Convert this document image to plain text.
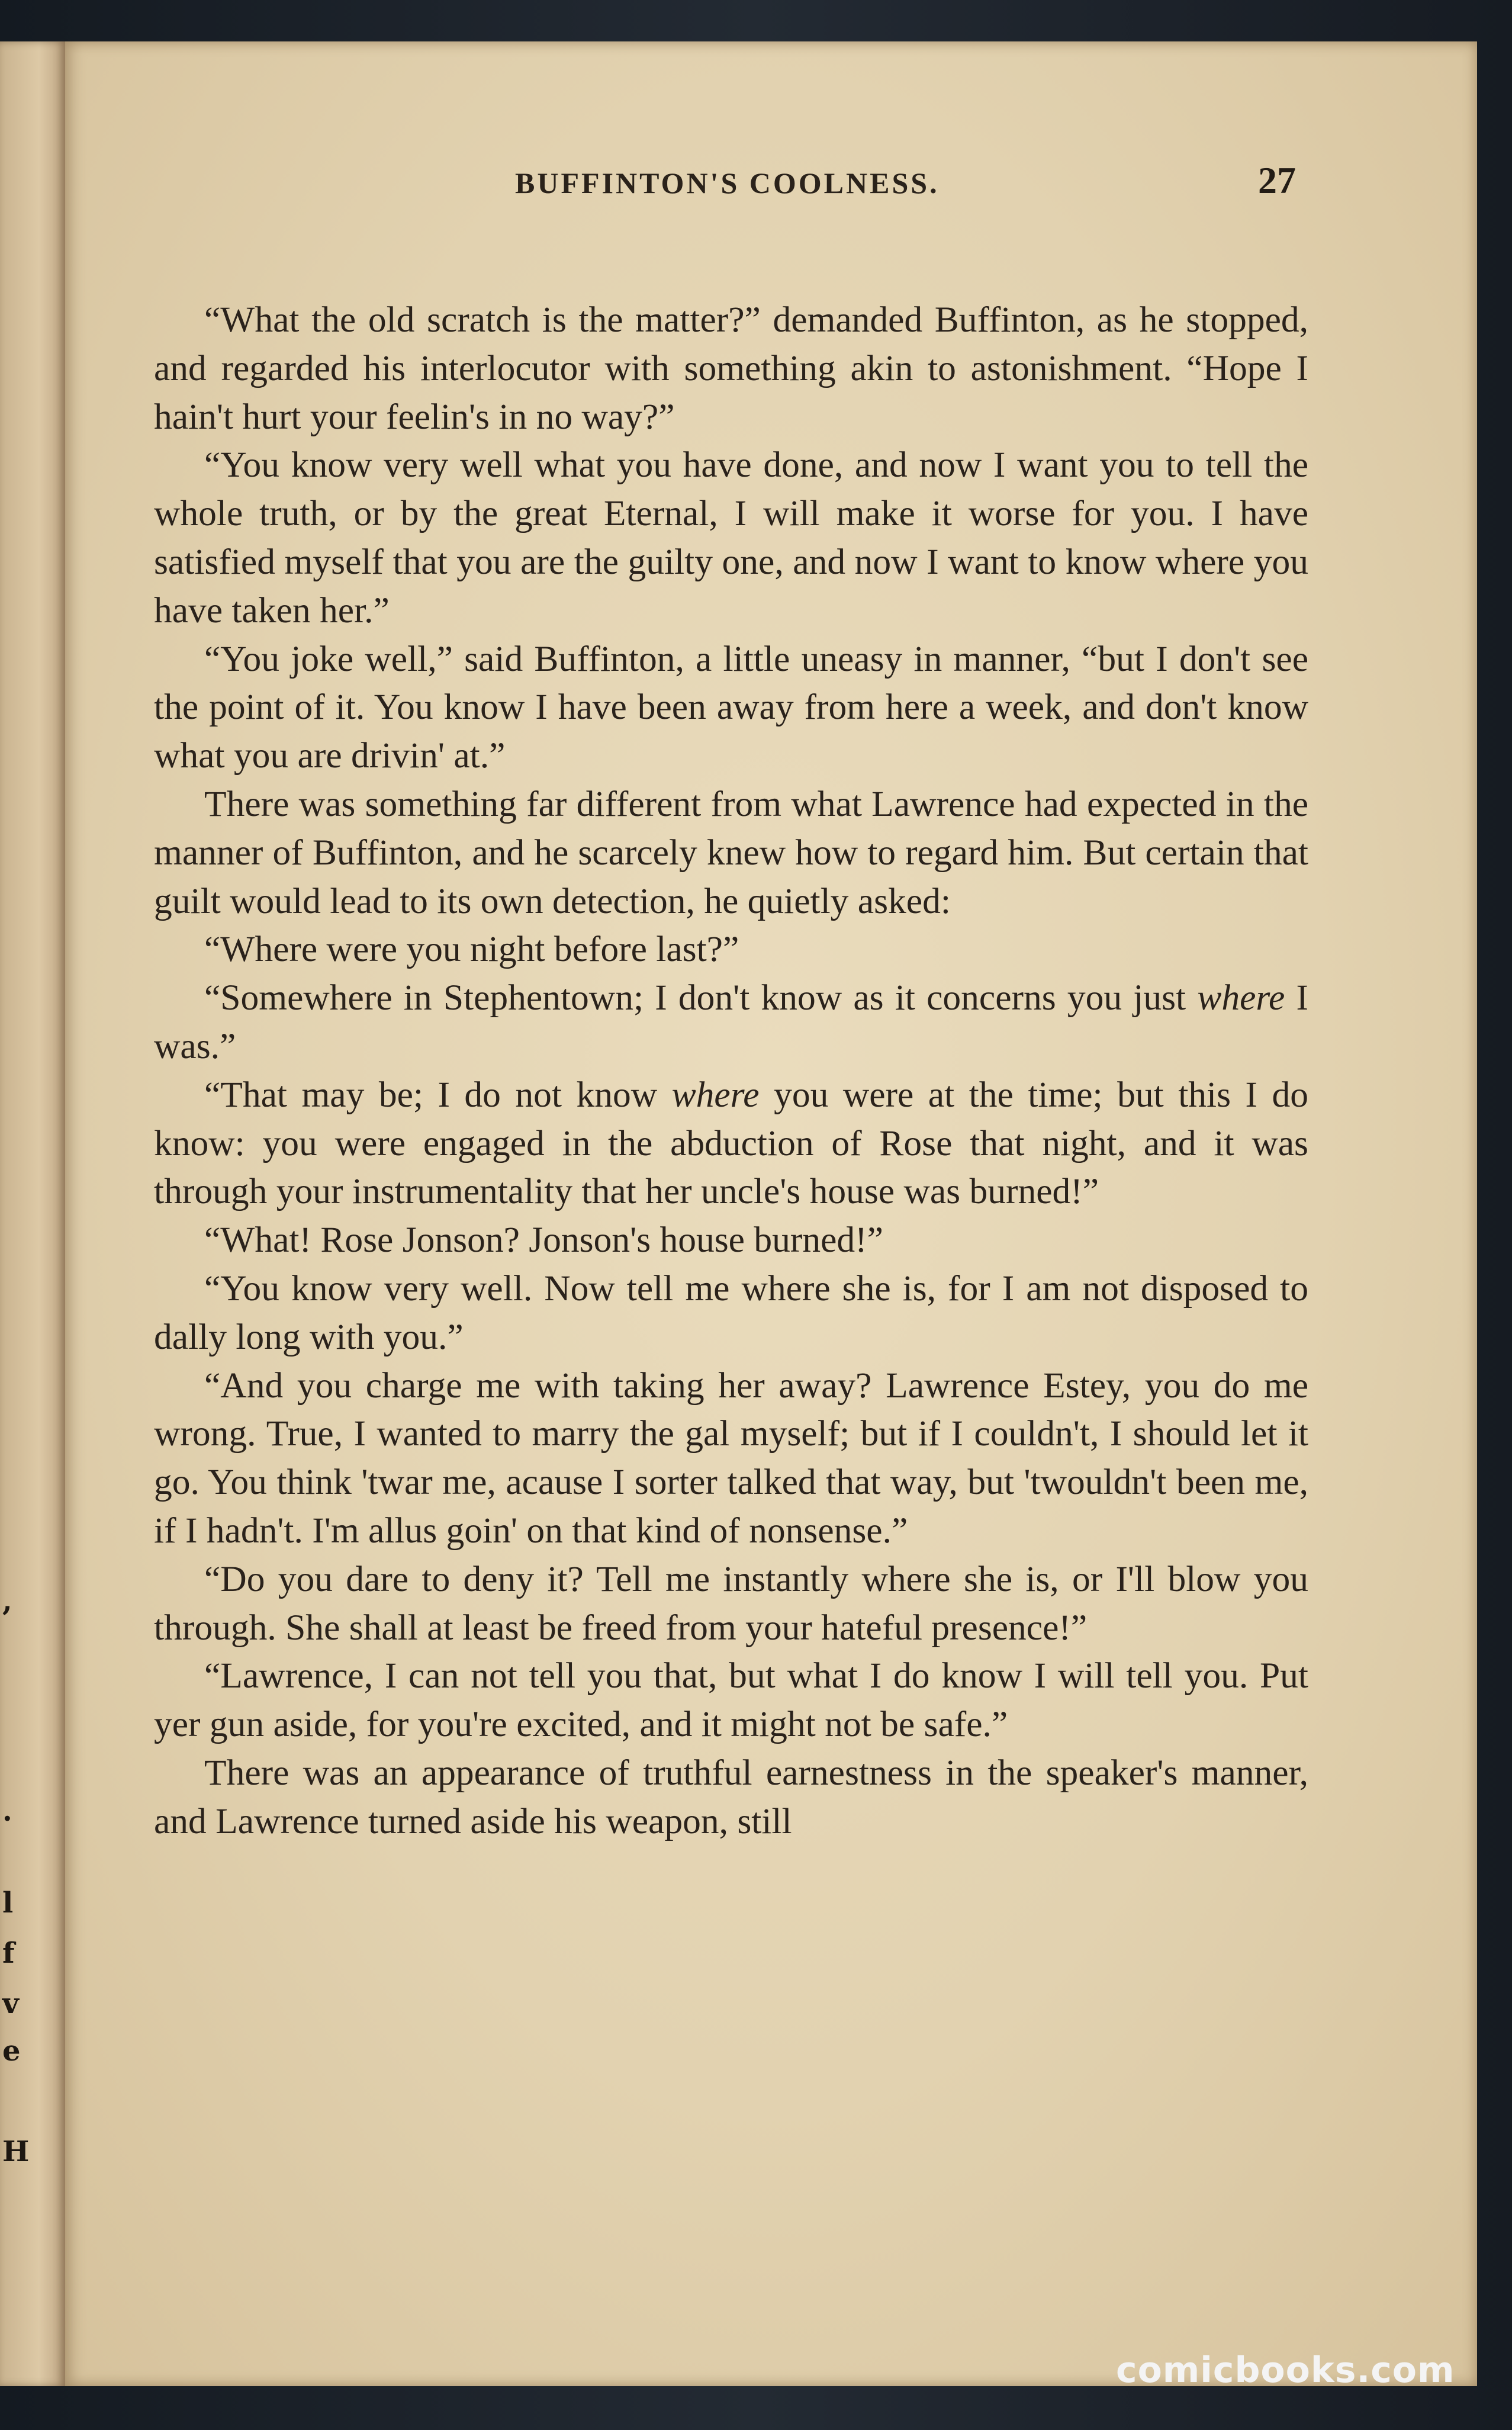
,
.
l
f
v
e
H
BUFFINTON'S COOLNESS.	27

“What the old scratch is the matter?” demanded Buffinton, as he stopped, and regarded his interlocutor with something akin to astonishment. “Hope I hain't hurt your feelin's in no way?”

“You know very well what you have done, and now I want you to tell the whole truth, or by the great Eternal, I will make it worse for you. I have satisfied myself that you are the guilty one, and now I want to know where you have taken her.”

“You joke well,” said Buffinton, a little uneasy in manner, “but I don't see the point of it. You know I have been away from here a week, and don't know what you are drivin' at.”

There was something far different from what Lawrence had expected in the manner of Buffinton, and he scarcely knew how to regard him. But certain that guilt would lead to its own detection, he quietly asked:

“Where were you night before last?”

“Somewhere in Stephentown; I don't know as it concerns you just where I was.”

“That may be; I do not know where you were at the time; but this I do know: you were engaged in the abduction of Rose that night, and it was through your instrumentality that her uncle's house was burned!”

“What! Rose Jonson? Jonson's house burned!”

“You know very well. Now tell me where she is, for I am not disposed to dally long with you.”

“And you charge me with taking her away? Lawrence Estey, you do me wrong. True, I wanted to marry the gal myself; but if I couldn't, I should let it go. You think 'twar me, acause I sorter talked that way, but 'twouldn't been me, if I hadn't. I'm allus goin' on that kind of nonsense.”

“Do you dare to deny it? Tell me instantly where she is, or I'll blow you through. She shall at least be freed from your hateful presence!”

“Lawrence, I can not tell you that, but what I do know I will tell you. Put yer gun aside, for you're excited, and it might not be safe.”

There was an appearance of truthful earnestness in the speaker's manner, and Lawrence turned aside his weapon, still

comicbooks.com
